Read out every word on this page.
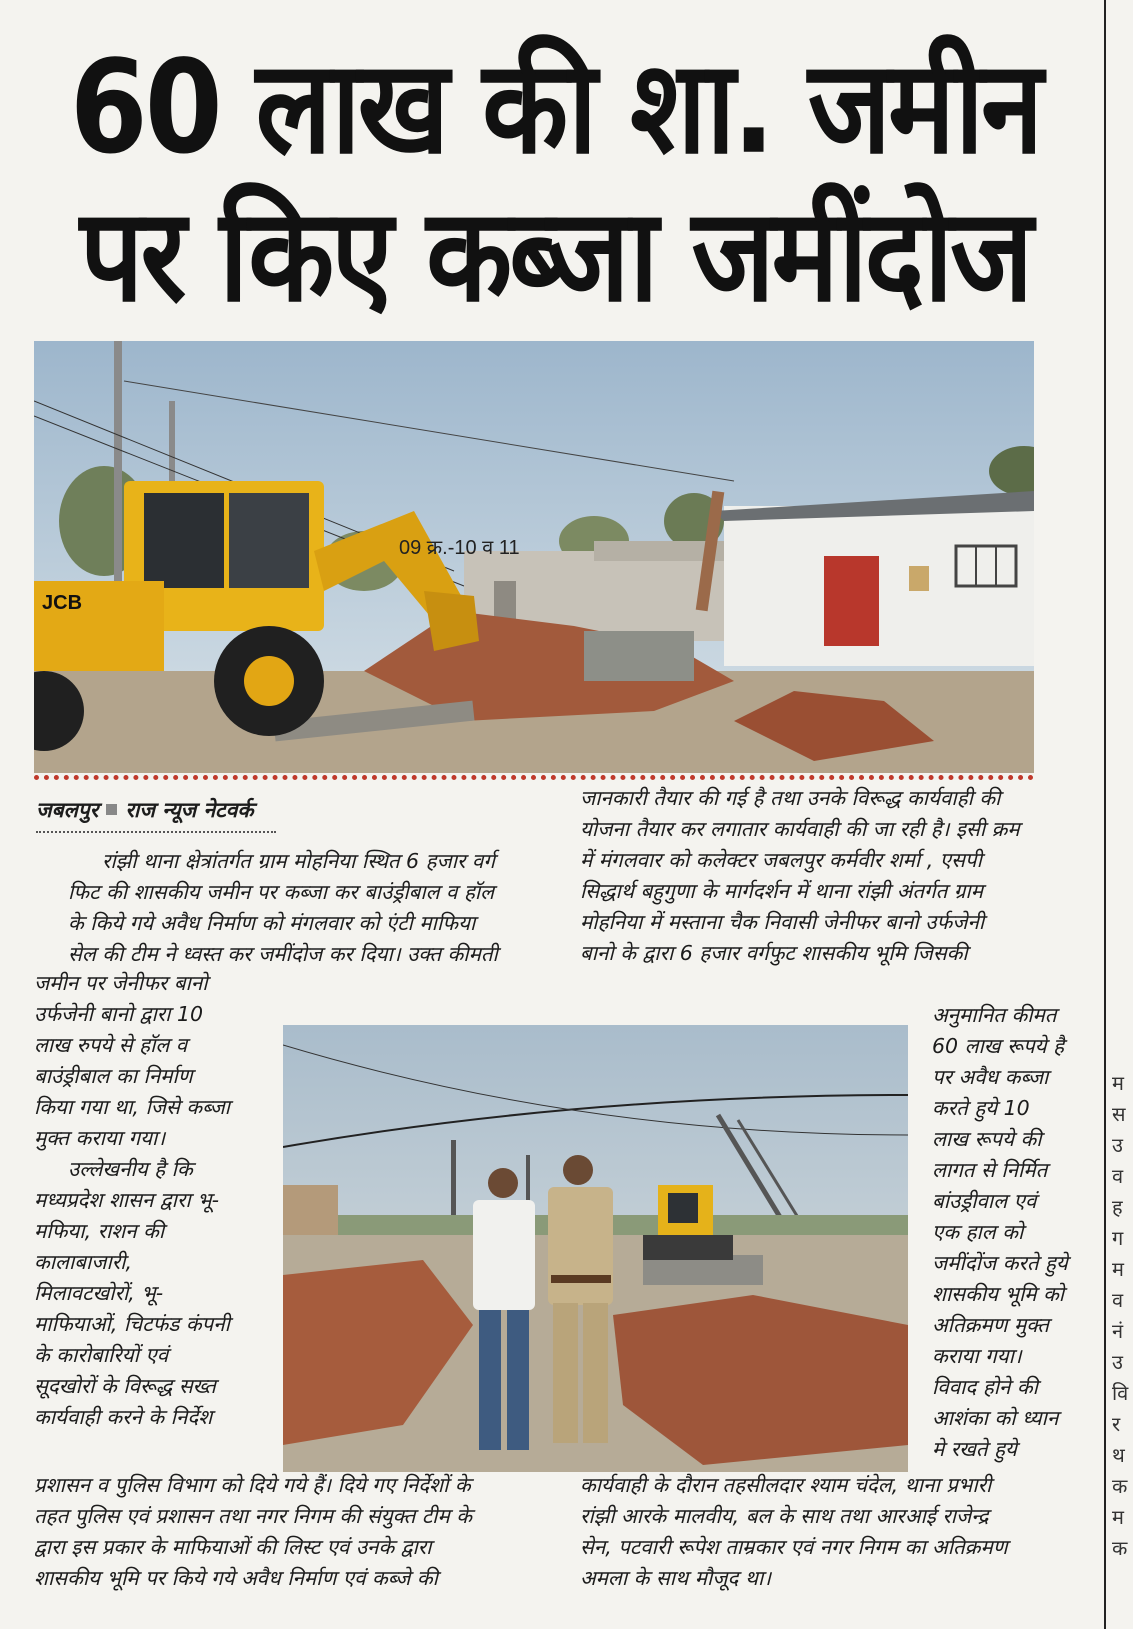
म
स
उ
व
ह
ग
म
व
नं
उ
वि
र
थ
क
म
क
60 लाख की शा. जमीन
पर किए कब्जा जमींदोज
JCB
09 क्र.-10 व 11
जबलपुर राज न्यूज नेटवर्क

रांझी थाना क्षेत्रांतर्गत ग्राम मोहनिया स्थित 6 हजार वर्ग
फिट की शासकीय जमीन पर कब्जा कर बाउंड्रीबाल व हॉल
के किये गये अवैध निर्माण को मंगलवार को एंटी माफिया
सेल की टीम ने ध्वस्त कर जमींदोज कर दिया। उक्त कीमती

जमीन पर जेनीफर बानो
उर्फजेनी बानो द्वारा 10
लाख रुपये से हॉल व
बाउंड्रीबाल का निर्माण
किया गया था, जिसे कब्जा
मुक्त कराया गया।
उल्लेखनीय है कि
मध्यप्रदेश शासन द्वारा भू-
मफिया, राशन की
कालाबाजारी,
मिलावटखोरों, भू-
माफियाओं, चिटफंड कंपनी
के कारोबारियों एवं
सूदखोरों के विरूद्ध सख्त
कार्यवाही करने के निर्देश
प्रशासन व पुलिस विभाग को दिये गये हैं। दिये गए निर्देशों के
तहत पुलिस एवं प्रशासन तथा नगर निगम की संयुक्त टीम के
द्वारा इस प्रकार के माफियाओं की लिस्ट एवं उनके द्वारा
शासकीय भूमि पर किये गये अवैध निर्माण एवं कब्जे की
जानकारी तैयार की गई है तथा उनके विरूद्ध कार्यवाही की
योजना तैयार कर लगातार कार्यवाही की जा रही है। इसी क्रम
में मंगलवार को कलेक्टर जबलपुर कर्मवीर शर्मा , एसपी
सिद्धार्थ बहुगुणा के मार्गदर्शन में थाना रांझी अंतर्गत ग्राम
मोहनिया में मस्ताना चैक निवासी जेनीफर बानो उर्फजेनी
बानो के द्वारा 6 हजार वर्गफुट शासकीय भूमि जिसकी
अनुमानित कीमत
60 लाख रूपये है
पर अवैध कब्जा
करते हुये 10
लाख रूपये की
लागत से निर्मित
बांउड्रीवाल एवं
एक हाल को
जमींदोंज करते हुये
शासकीय भूमि को
अतिक्रमण मुक्त
कराया गया।
विवाद होने की
आशंका को ध्यान
मे रखते हुये
कार्यवाही के दौरान तहसीलदार श्याम चंदेल, थाना प्रभारी
रांझी आरके मालवीय, बल के साथ तथा आरआई राजेन्द्र
सेन, पटवारी रूपेश ताम्रकार एवं नगर निगम का अतिक्रमण
अमला के साथ मौजूद था।
